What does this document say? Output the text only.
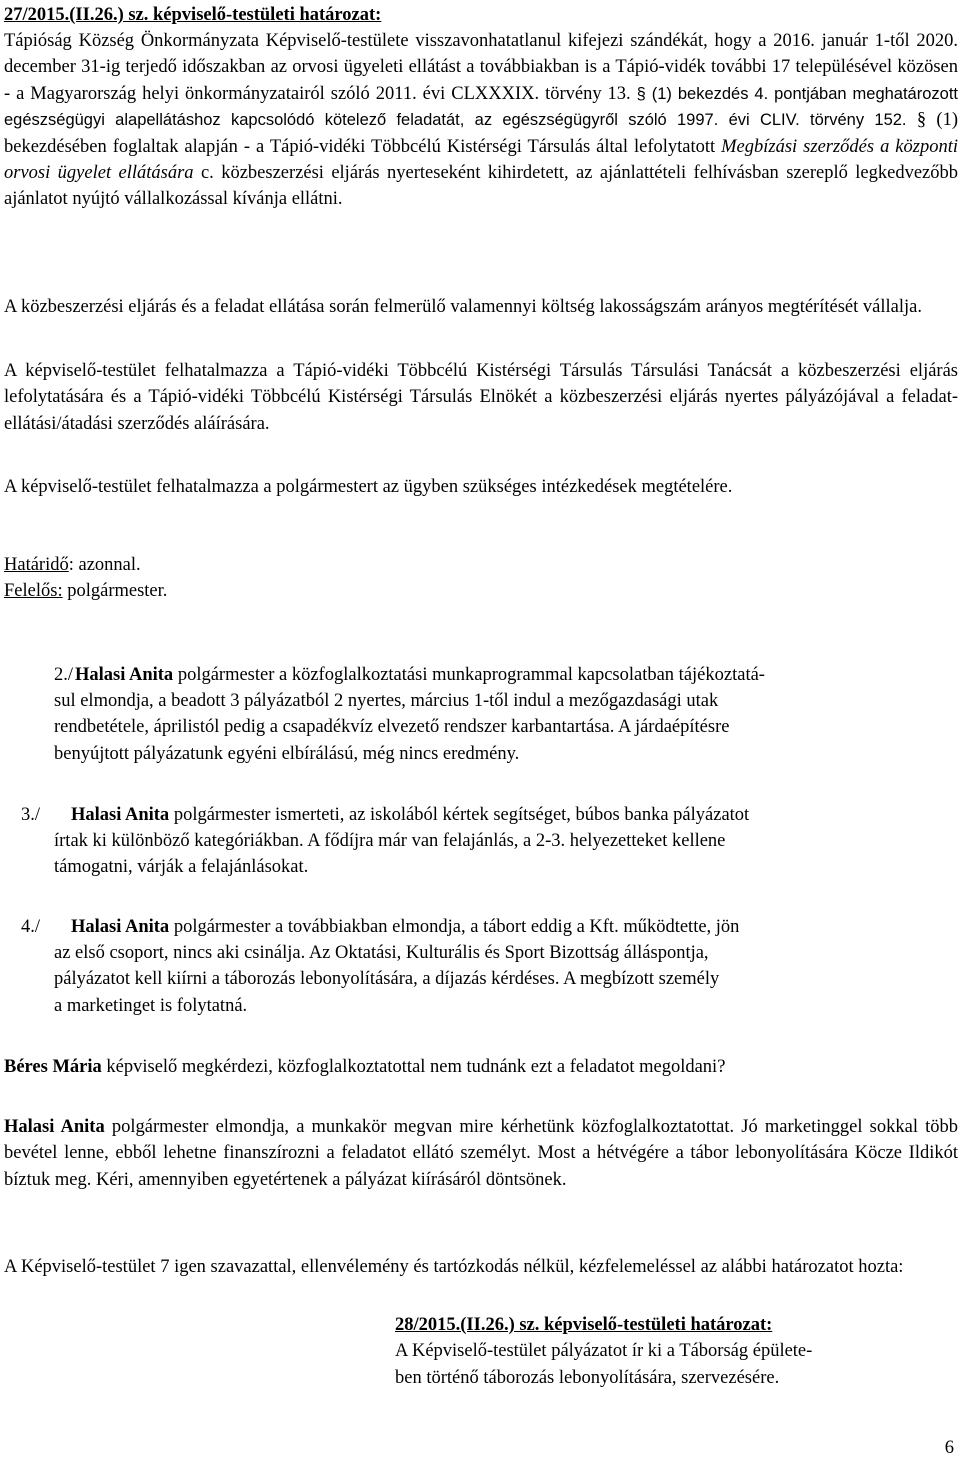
27/2015.(II.26.) sz. képviselő-testületi határozat:

Tápióság Község Önkormányzata Képviselő-testülete visszavonhatatlanul kifejezi szándékát, hogy a 2016. január 1-től 2020. december 31-ig terjedő időszakban az orvosi ügyeleti ellátást a továbbiakban is a Tápió-vidék további 17 településével közösen - a Magyarország helyi önkormányzatairól szóló 2011. évi CLXXXIX. törvény 13. § (1) bekezdés 4. pontjában meghatározott egészségügyi alapellátáshoz kapcsolódó kötelező feladatát, az egészségügyről szóló 1997. évi CLIV. törvény 152. § (1) bekezdésében foglaltak alapján - a Tápió-vidéki Többcélú Kistérségi Társulás által lefolytatott Megbízási szerződés a központi orvosi ügyelet ellátására c. közbeszerzési eljárás nyerteseként kihirdetett, az ajánlattételi felhívásban szereplő legkedvezőbb ajánlatot nyújtó vállalkozással kívánja ellátni.

A közbeszerzési eljárás és a feladat ellátása során felmerülő valamennyi költség lakosságszám arányos megtérítését vállalja.

A képviselő-testület felhatalmazza a Tápió-vidéki Többcélú Kistérségi Társulás Társulási Tanácsát a közbeszerzési eljárás lefolytatására és a Tápió-vidéki Többcélú Kistérségi Társulás Elnökét a közbeszerzési eljárás nyertes pályázójával a feladat-ellátási/átadási szerződés aláírására.

A képviselő-testület felhatalmazza a polgármestert az ügyben szükséges intézkedések megtételére.

Határidő: azonnal.

Felelős: polgármester.

2./ Halasi Anita polgármester a közfoglalkoztatási munkaprogrammal kapcsolatban tájékoztatá-
sul elmondja, a beadott 3 pályázatból 2 nyertes, március 1-től indul a mezőgazdasági utak
rendbetétele, áprilistól pedig a csapadékvíz elvezető rendszer karbantartása. A járdaépítésre
benyújtott pályázatunk egyéni elbírálású, még nincs eredmény.
3./ Halasi Anita polgármester ismerteti, az iskolából kértek segítséget, búbos banka pályázatot
írtak ki különböző kategóriákban. A fődíjra már van felajánlás, a 2-3. helyezetteket kellene
támogatni, várják a felajánlásokat.
4./ Halasi Anita polgármester a továbbiakban elmondja, a tábort eddig a Kft. működtette, jön
az első csoport, nincs aki csinálja. Az Oktatási, Kulturális és Sport Bizottság álláspontja,
pályázatot kell kiírni a táborozás lebonyolítására, a díjazás kérdéses. A megbízott személy
a marketinget is folytatná.

Béres Mária képviselő megkérdezi, közfoglalkoztatottal nem tudnánk ezt a feladatot megoldani?

Halasi Anita polgármester elmondja, a munkakör megvan mire kérhetünk közfoglalkoztatottat. Jó marketinggel sokkal több bevétel lenne, ebből lehetne finanszírozni a feladatot ellátó személyt. Most a hétvégére a tábor lebonyolítására Köcze Ildikót bíztuk meg. Kéri, amennyiben egyetértenek a pályázat kiírásáról döntsönek.

A Képviselő-testület 7 igen szavazattal, ellenvélemény és tartózkodás nélkül, kézfelemeléssel az alábbi határozatot hozta:

28/2015.(II.26.) sz. képviselő-testületi határozat:
A Képviselő-testület pályázatot ír ki a Táborság épülete-
ben történő táborozás lebonyolítására, szervezésére.
6
